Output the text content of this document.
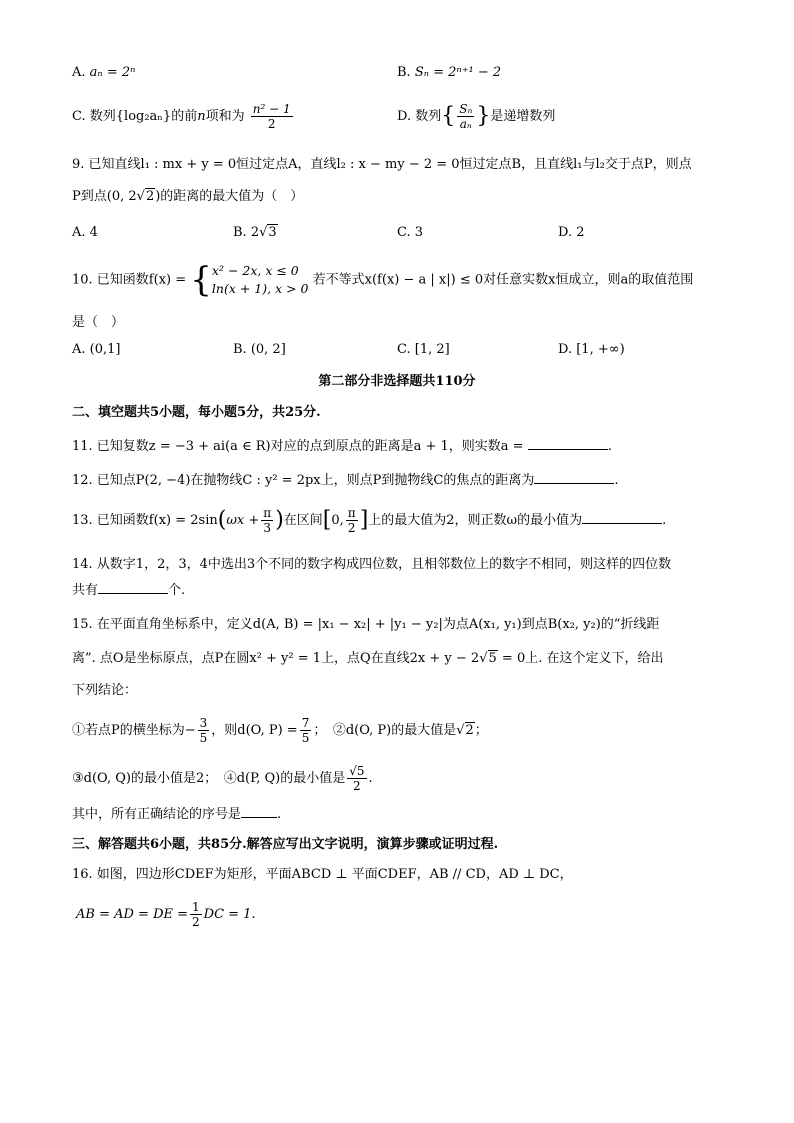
A. aₙ = 2ⁿ	B. Sₙ = 2ⁿ⁺¹ − 2
C. 数列{log₂aₙ}的前n项和为 $\frac{\text{n² − 1}}{2}$	D. 数列{ $\frac{\text{Sₙ}}{\text{aₙ}}$ }是递增数列
9. 已知直线l₁ : mx + y = 0恒过定点A，直线l₂ : x − my − 2 = 0恒过定点B，且直线l₁与l₂交于点P，则点
P到点(0, 2√2)的距离的最大值为（　）
A. 4	B. 2√3	C. 3	D. 2
10. 已知函数f(x) = { x² − 2x, x ≤ 0
ln(x + 1), x > 0
若不等式x(f(x) − a | x|) ≤ 0对任意实数x恒成立，则a的取值范围
是（　）
A. (0,1]	B. (0, 2]	C. [1, 2]	D. [1, +∞)
第二部分非选择题共110分
二、填空题共5小题，每小题5分，共25分.
11. 已知复数z = −3 + ai(a ∈ R)对应的点到原点的距离是a + 1，则实数a =	.
12. 已知点P(2, −4)在抛物线C : y² = 2px上，则点P到抛物线C的焦点的距离为	.
13. 已知函数$f(x) = 2\sin(\omega x + \frac{\pi}{3}$ )在区间[0, $\frac{\pi}{2}$ ]上的最大值为2，则正数ω的最小值为	.
14. 从数字1，2，3，4中选出3个不同的数字构成四位数，且相邻数位上的数字不相同，则这样的四位数
共有	个.
15. 在平面直角坐标系中，定义d(A, B) = |x₁ − x₂| + |y₁ − y₂|为点A(x₁, y₁)到点B(x₂, y₂)的“折线距
离”. 点O是坐标原点，点P在圆x² + y² = 1上，点Q在直线2x + y − 2√5 = 0上. 在这个定义下，给出
下列结论：
①若点P的横坐标为− $\frac{3}{5}$ ，则d(O, $P) = \frac{7}{5}$ ；　②d(O, P)的最大值是√2；
③d(O, Q)的最小值是2；　④d(P, Q)的最小值是 $\frac{√5}{2}$ .
其中，所有正确结论的序号是	.
三、解答题共6小题，共85分.解答应写出文字说明，演算步骤或证明过程.
16. 如图，四边形CDEF为矩形，平面ABCD ⊥ 平面CDEF，AB // CD，AD ⊥ DC，
AB = AD = DE = $\frac{1}{2}$ DC = 1.
